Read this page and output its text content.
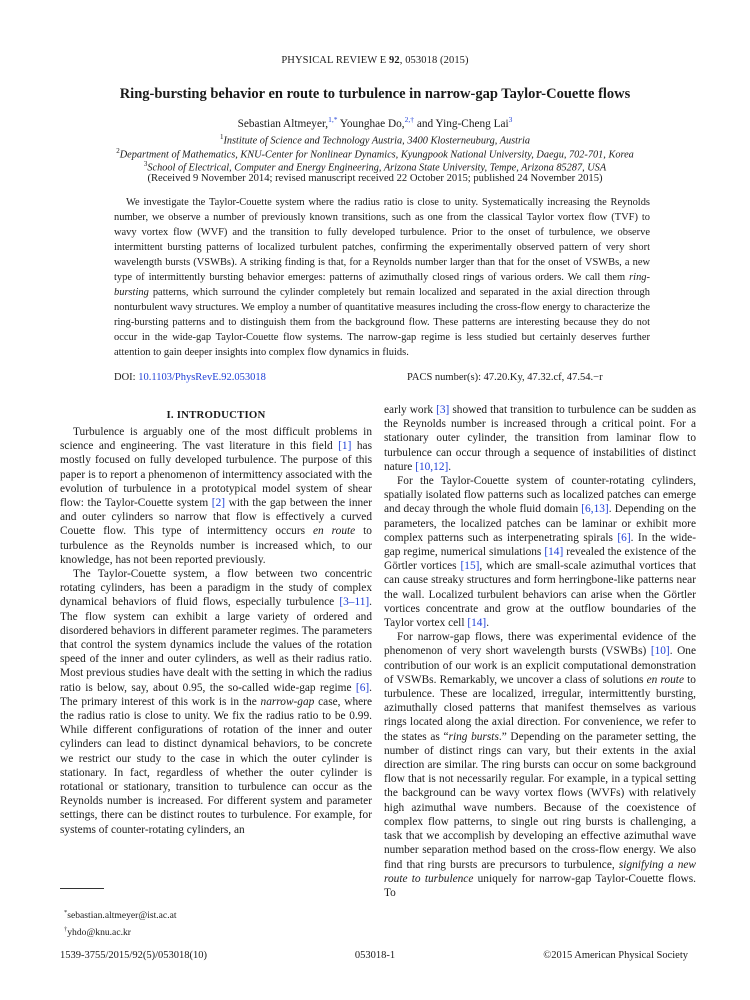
PHYSICAL REVIEW E 92, 053018 (2015)
Ring-bursting behavior en route to turbulence in narrow-gap Taylor-Couette flows
Sebastian Altmeyer,$^{1,*}$ Younghae Do,$^{2,\dagger}$ and Ying-Cheng Lai$^3$
$^1$Institute of Science and Technology Austria, 3400 Klosterneuburg, Austria
$^2$Department of Mathematics, KNU-Center for Nonlinear Dynamics, Kyungpook National University, Daegu, 702-701, Korea
$^3$School of Electrical, Computer and Energy Engineering, Arizona State University, Tempe, Arizona 85287, USA
(Received 9 November 2014; revised manuscript received 22 October 2015; published 24 November 2015)
We investigate the Taylor-Couette system where the radius ratio is close to unity. Systematically increasing the Reynolds number, we observe a number of previously known transitions, such as one from the classical Taylor vortex flow (TVF) to wavy vortex flow (WVF) and the transition to fully developed turbulence. Prior to the onset of turbulence, we observe intermittent bursting patterns of localized turbulent patches, confirming the experimentally observed pattern of very short wavelength bursts (VSWBs). A striking finding is that, for a Reynolds number larger than that for the onset of VSWBs, a new type of intermittently bursting behavior emerges: patterns of azimuthally closed rings of various orders. We call them ring-bursting patterns, which surround the cylinder completely but remain localized and separated in the axial direction through nonturbulent wavy structures. We employ a number of quantitative measures including the cross-flow energy to characterize the ring-bursting patterns and to distinguish them from the background flow. These patterns are interesting because they do not occur in the wide-gap Taylor-Couette flow systems. The narrow-gap regime is less studied but certainly deserves further attention to gain deeper insights into complex flow dynamics in fluids.
DOI: 10.1103/PhysRevE.92.053018	PACS number(s): 47.20.Ky, 47.32.cf, 47.54.−r
I. INTRODUCTION

Turbulence is arguably one of the most difficult problems in science and engineering. The vast literature in this field [1] has mostly focused on fully developed turbulence. The purpose of this paper is to report a phenomenon of intermittency associated with the evolution of turbulence in a prototypical model system of shear flow: the Taylor-Couette system [2] with the gap between the inner and outer cylinders so narrow that flow is effectively a curved Couette flow. This type of intermittency occurs en route to turbulence as the Reynolds number is increased which, to our knowledge, has not been reported previously.

The Taylor-Couette system, a flow between two concentric rotating cylinders, has been a paradigm in the study of complex dynamical behaviors of fluid flows, especially turbulence [3–11]. The flow system can exhibit a large variety of ordered and disordered behaviors in different parameter regimes. The parameters that control the system dynamics include the values of the rotation speed of the inner and outer cylinders, as well as their radius ratio. Most previous studies have dealt with the setting in which the radius ratio is below, say, about 0.95, the so-called wide-gap regime [6]. The primary interest of this work is in the narrow-gap case, where the radius ratio is close to unity. We fix the radius ratio to be 0.99. While different configurations of rotation of the inner and outer cylinders can lead to distinct dynamical behaviors, to be concrete we restrict our study to the case in which the outer cylinder is stationary. In fact, regardless of whether the outer cylinder is rotational or stationary, transition to turbulence can occur as the Reynolds number is increased. For different system and parameter settings, there can be distinct routes to turbulence. For example, for systems of counter-rotating cylinders, an

early work [3] showed that transition to turbulence can be sudden as the Reynolds number is increased through a critical point. For a stationary outer cylinder, the transition from laminar flow to turbulence can occur through a sequence of instabilities of distinct nature [10,12].

For the Taylor-Couette system of counter-rotating cylinders, spatially isolated flow patterns such as localized patches can emerge and decay through the whole fluid domain [6,13]. Depending on the parameters, the localized patches can be laminar or exhibit more complex patterns such as interpenetrating spirals [6]. In the wide-gap regime, numerical simulations [14] revealed the existence of the Görtler vortices [15], which are small-scale azimuthal vortices that can cause streaky structures and form herringbone-like patterns near the wall. Localized turbulent behaviors can arise when the Görtler vortices concentrate and grow at the outflow boundaries of the Taylor vortex cell [14].

For narrow-gap flows, there was experimental evidence of the phenomenon of very short wavelength bursts (VSWBs) [10]. One contribution of our work is an explicit computational demonstration of VSWBs. Remarkably, we uncover a class of solutions en route to turbulence. These are localized, irregular, intermittently bursting, azimuthally closed patterns that manifest themselves as various rings located along the axial direction. For convenience, we refer to the states as “ring bursts.” Depending on the parameter setting, the number of distinct rings can vary, but their extents in the axial direction are similar. The ring bursts can occur on some background flow that is not necessarily regular. For example, in a typical setting the background can be wavy vortex flows (WVFs) with relatively high azimuthal wave numbers. Because of the coexistence of complex flow patterns, to single out ring bursts is challenging, a task that we accomplish by developing an effective azimuthal wave number separation method based on the cross-flow energy. We also find that ring bursts are precursors to turbulence, signifying a new route to turbulence uniquely for narrow-gap Taylor-Couette flows. To

*sebastian.altmeyer@ist.ac.at
†yhdo@knu.ac.kr
1539-3755/2015/92(5)/053018(10)	053018-1	©2015 American Physical Society
